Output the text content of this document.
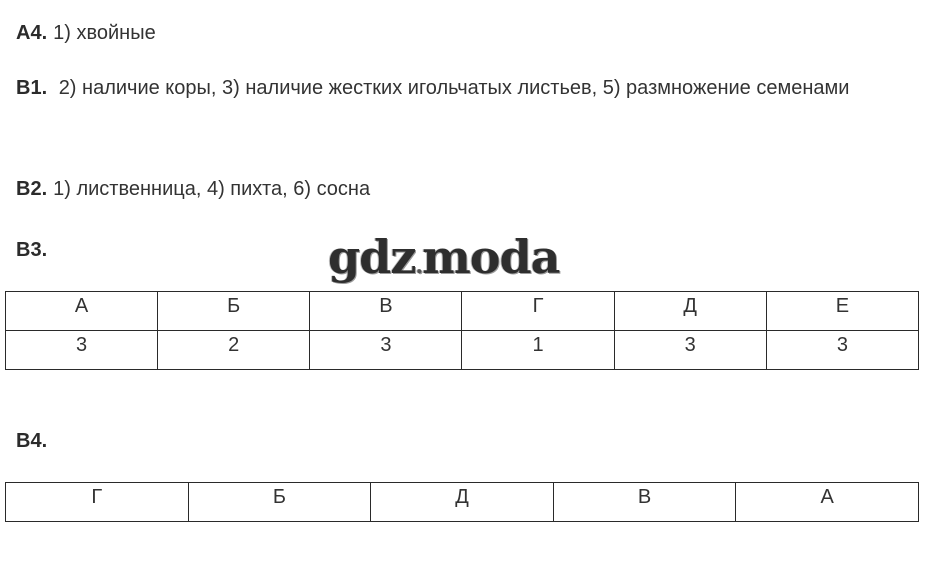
A4. 1) хвойные
B1. 2) наличие коры, 3) наличие жестких игольчатых листьев, 5) размножение семенами
B2. 1) лиственница, 4) пихта, 6) сосна
B3.	gdz.moda
А	Б	В	Г	Д	Е
3	2	3	1	3	3
B4.
Г	Б	Д	В	А
